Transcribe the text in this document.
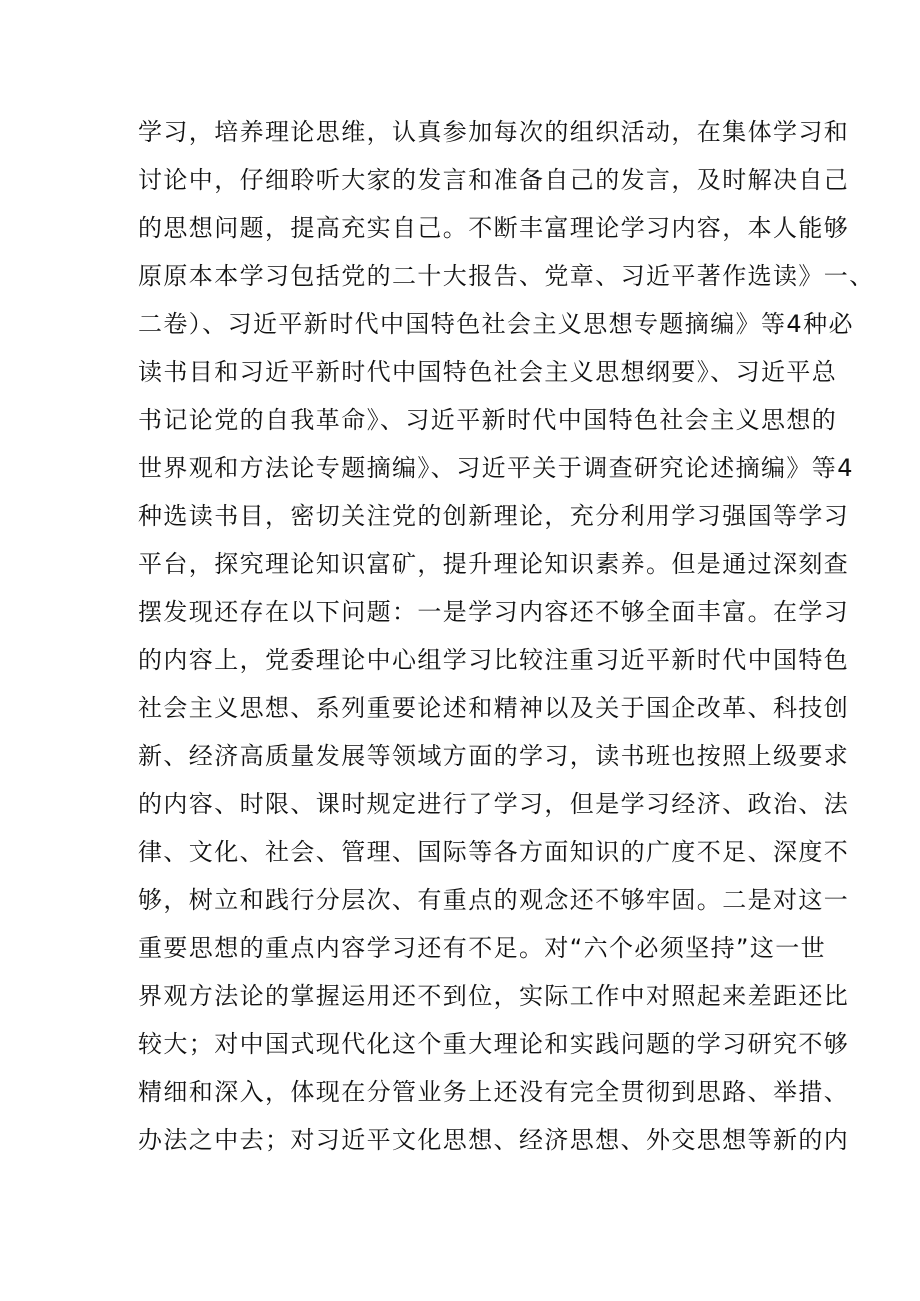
学习，培养理论思维，认真参加每次的组织活动，在集体学习和
讨论中，仔细聆听大家的发言和准备自己的发言，及时解决自己
的思想问题，提高充实自己。不断丰富理论学习内容，本人能够
原原本本学习包括党的二十大报告、党章、习近平著作选读》一、
二卷）、习近平新时代中国特色社会主义思想专题摘编》等4种必
读书目和习近平新时代中国特色社会主义思想纲要》、习近平总
书记论党的自我革命》、习近平新时代中国特色社会主义思想的
世界观和方法论专题摘编》、习近平关于调查研究论述摘编》等4
种选读书目，密切关注党的创新理论，充分利用学习强国等学习
平台，探究理论知识富矿，提升理论知识素养。但是通过深刻查
摆发现还存在以下问题：一是学习内容还不够全面丰富。在学习
的内容上，党委理论中心组学习比较注重习近平新时代中国特色
社会主义思想、系列重要论述和精神以及关于国企改革、科技创
新、经济高质量发展等领域方面的学习，读书班也按照上级要求
的内容、时限、课时规定进行了学习，但是学习经济、政治、法
律、文化、社会、管理、国际等各方面知识的广度不足、深度不
够，树立和践行分层次、有重点的观念还不够牢固。二是对这一
重要思想的重点内容学习还有不足。对“六个必须坚持”这一世
界观方法论的掌握运用还不到位，实际工作中对照起来差距还比
较大；对中国式现代化这个重大理论和实践问题的学习研究不够
精细和深入，体现在分管业务上还没有完全贯彻到思路、举措、
办法之中去；对习近平文化思想、经济思想、外交思想等新的内
